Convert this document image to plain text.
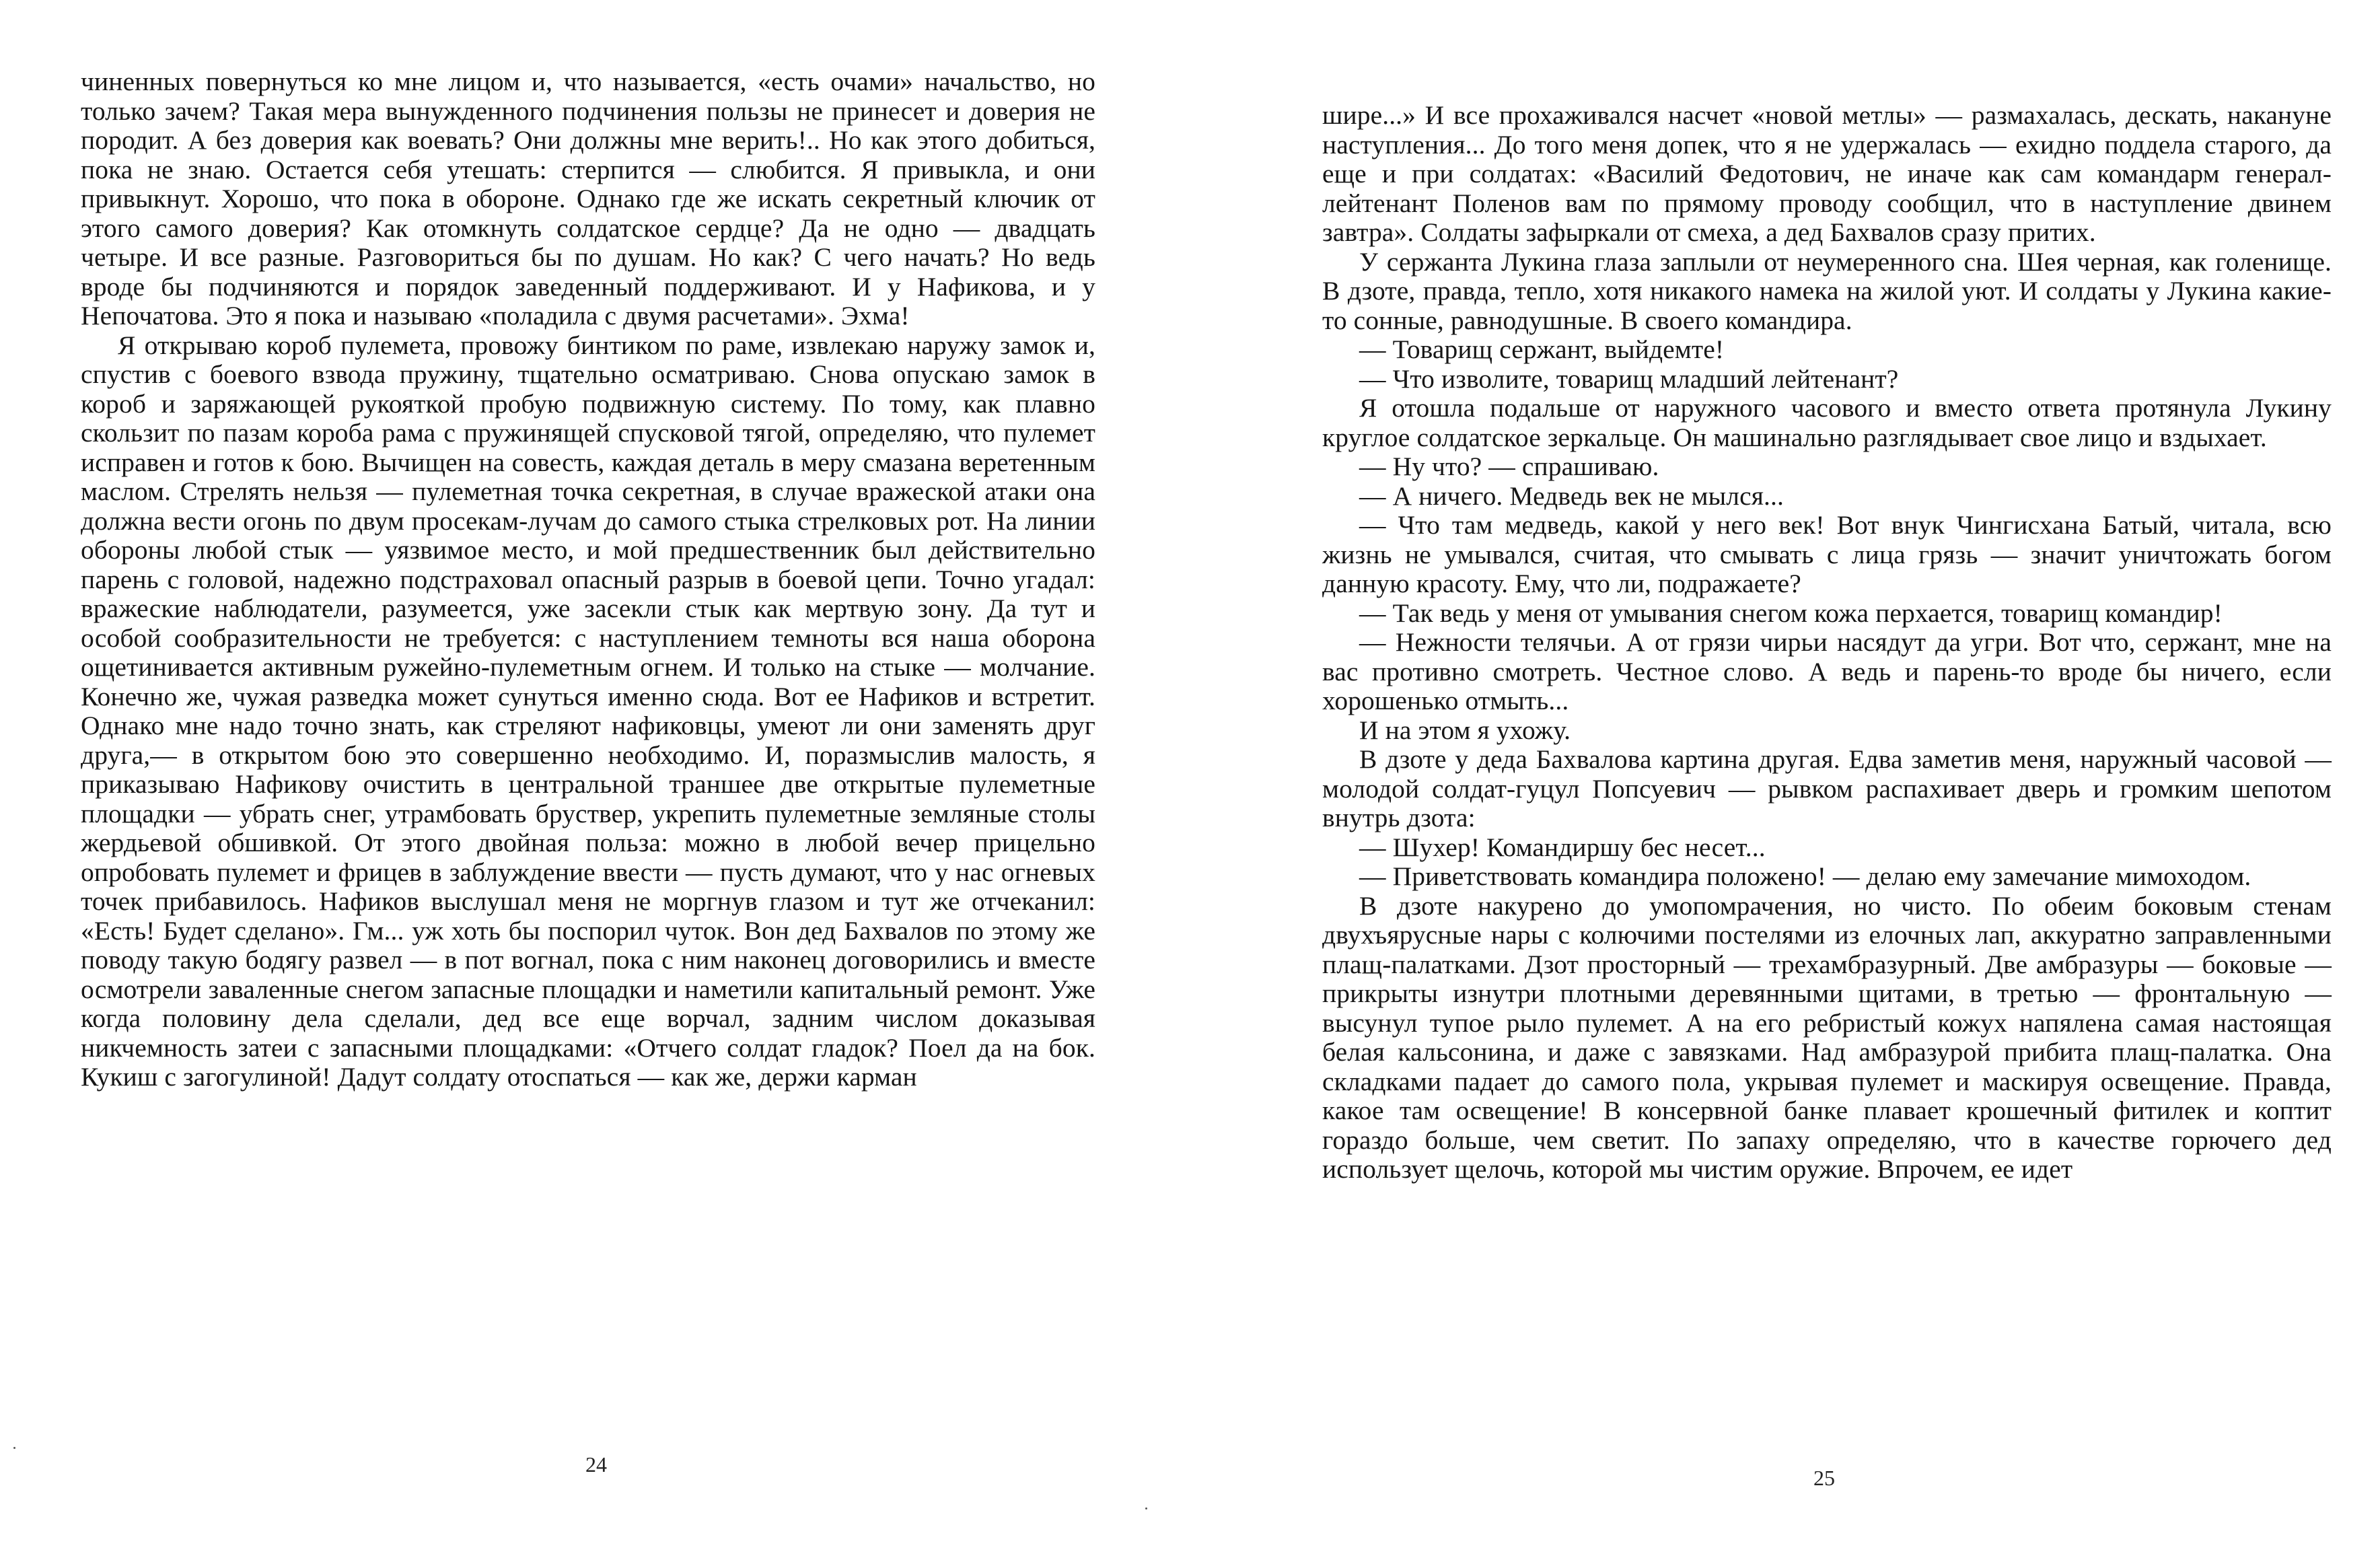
чиненных повернуться ко мне лицом и, что называется, «есть очами» начальство, но только зачем? Такая мера вынужденного подчинения пользы не принесет и доверия не породит. А без доверия как воевать? Они должны мне верить!.. Но как этого добиться, пока не знаю. Остается себя утешать: стерпится — слюбится. Я привыкла, и они привыкнут. Хорошо, что пока в обороне. Однако где же искать секретный ключик от этого самого доверия? Как отомкнуть солдатское сердце? Да не одно — двадцать четыре. И все разные. Разговориться бы по душам. Но как? С чего начать? Но ведь вроде бы подчиняются и порядок заведенный поддерживают. И у Нафикова, и у Непочатова. Это я пока и называю «поладила с двумя расчетами». Эхма!

Я открываю короб пулемета, провожу бинтиком по раме, извлекаю наружу замок и, спустив с боевого взвода пружину, тщательно осматриваю. Снова опускаю замок в короб и заряжающей рукояткой пробую подвижную систему. По тому, как плавно скользит по пазам короба рама с пружинящей спусковой тягой, определяю, что пулемет исправен и готов к бою. Вычищен на совесть, каждая деталь в меру смазана веретенным маслом. Стрелять нельзя — пулеметная точка секретная, в случае вражеской атаки она должна вести огонь по двум просекам-лучам до самого стыка стрелковых рот. На линии обороны любой стык — уязвимое место, и мой предшественник был действительно парень с головой, надежно подстраховал опасный разрыв в боевой цепи. Точно угадал: вражеские наблюдатели, разумеется, уже засекли стык как мертвую зону. Да тут и особой сообразительности не требуется: с наступлением темноты вся наша оборона ощетинивается активным ружейно-пулеметным огнем. И только на стыке — молчание. Конечно же, чужая разведка может сунуться именно сюда. Вот ее Нафиков и встретит. Однако мне надо точно знать, как стреляют нафиковцы, умеют ли они заменять друг друга,— в открытом бою это совершенно необходимо. И, поразмыслив малость, я приказываю Нафикову очистить в центральной траншее две открытые пулеметные площадки — убрать снег, утрамбовать бруствер, укрепить пулеметные земляные столы жердьевой обшивкой. От этого двойная польза: можно в любой вечер прицельно опробовать пулемет и фрицев в заблуждение ввести — пусть думают, что у нас огневых точек прибавилось. Нафиков выслушал меня не моргнув глазом и тут же отчеканил: «Есть! Будет сделано». Гм... уж хоть бы поспорил чуток. Вон дед Бахвалов по этому же поводу такую бодягу развел — в пот вогнал, пока с ним наконец договорились и вместе осмотрели заваленные снегом запасные площадки и наметили капитальный ремонт. Уже когда половину дела сделали, дед все еще ворчал, задним числом доказывая никчемность затеи с запасными площадками: «Отчего солдат гладок? Поел да на бок. Кукиш с загогулиной! Дадут солдату отоспаться — как же, держи карман

24

шире...» И все прохаживался насчет «новой метлы» — размахалась, дескать, накануне наступления... До того меня допек, что я не удержалась — ехидно поддела старого, да еще и при солдатах: «Василий Федотович, не иначе как сам командарм генерал-лейтенант Поленов вам по прямому проводу сообщил, что в наступление двинем завтра». Солдаты зафыркали от смеха, а дед Бахвалов сразу притих.

У сержанта Лукина глаза заплыли от неумеренного сна. Шея черная, как голенище. В дзоте, правда, тепло, хотя никакого намека на жилой уют. И солдаты у Лукина какие-то сонные, равнодушные. В своего командира.

— Товарищ сержант, выйдемте!

— Что изволите, товарищ младший лейтенант?

Я отошла подальше от наружного часового и вместо ответа протянула Лукину круглое солдатское зеркальце. Он машинально разглядывает свое лицо и вздыхает.

— Ну что? — спрашиваю.

— А ничего. Медведь век не мылся...

— Что там медведь, какой у него век! Вот внук Чингисхана Батый, читала, всю жизнь не умывался, считая, что смывать с лица грязь — значит уничтожать богом данную красоту. Ему, что ли, подражаете?

— Так ведь у меня от умывания снегом кожа перхается, товарищ командир!

— Нежности телячьи. А от грязи чирьи насядут да угри. Вот что, сержант, мне на вас противно смотреть. Честное слово. А ведь и парень-то вроде бы ничего, если хорошенько отмыть...

И на этом я ухожу.

В дзоте у деда Бахвалова картина другая. Едва заметив меня, наружный часовой — молодой солдат-гуцул Попсуевич — рывком распахивает дверь и громким шепотом внутрь дзота:

— Шухер! Командиршу бес несет...

— Приветствовать командира положено! — делаю ему замечание мимоходом.

В дзоте накурено до умопомрачения, но чисто. По обеим боковым стенам двухъярусные нары с колючими постелями из елочных лап, аккуратно заправленными плащ-палатками. Дзот просторный — трехамбразурный. Две амбразуры — боковые — прикрыты изнутри плотными деревянными щитами, в третью — фронтальную — высунул тупое рыло пулемет. А на его ребристый кожух напялена самая настоящая белая кальсонина, и даже с завязками. Над амбразурой прибита плащ-палатка. Она складками падает до самого пола, укрывая пулемет и маскируя освещение. Правда, какое там освещение! В консервной банке плавает крошечный фитилек и коптит гораздо больше, чем светит. По запаху определяю, что в качестве горючего дед использует щелочь, которой мы чистим оружие. Впрочем, ее идет

25
